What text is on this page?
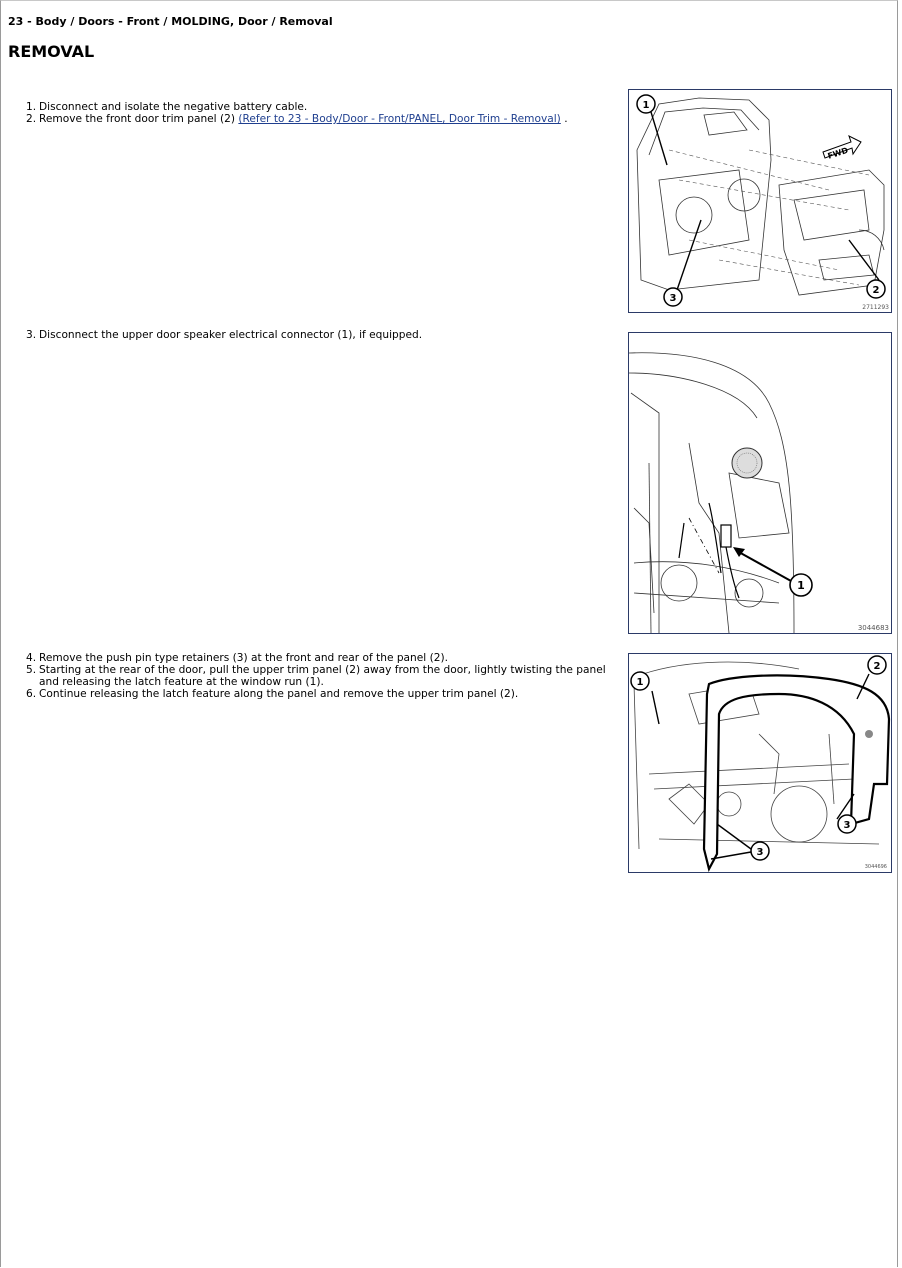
23 - Body / Doors - Front / MOLDING, Door / Removal
REMOVAL
1. Disconnect and isolate the negative battery cable.
2. Remove the front door trim panel (2) (Refer to 23 - Body/Door - Front/PANEL, Door Trim - Removal) .
FWD
1
2
3
2711293
3. Disconnect the upper door speaker electrical connector (1), if equipped.
1
3044683
4. Remove the push pin type retainers (3) at the front and rear of the panel (2).
5. Starting at the rear of the door, pull the upper trim panel (2) away from the door, lightly twisting the panel and releasing the latch feature at the window run (1).
6. Continue releasing the latch feature along the panel and remove the upper trim panel (2).
1
2
3
3
3044696
